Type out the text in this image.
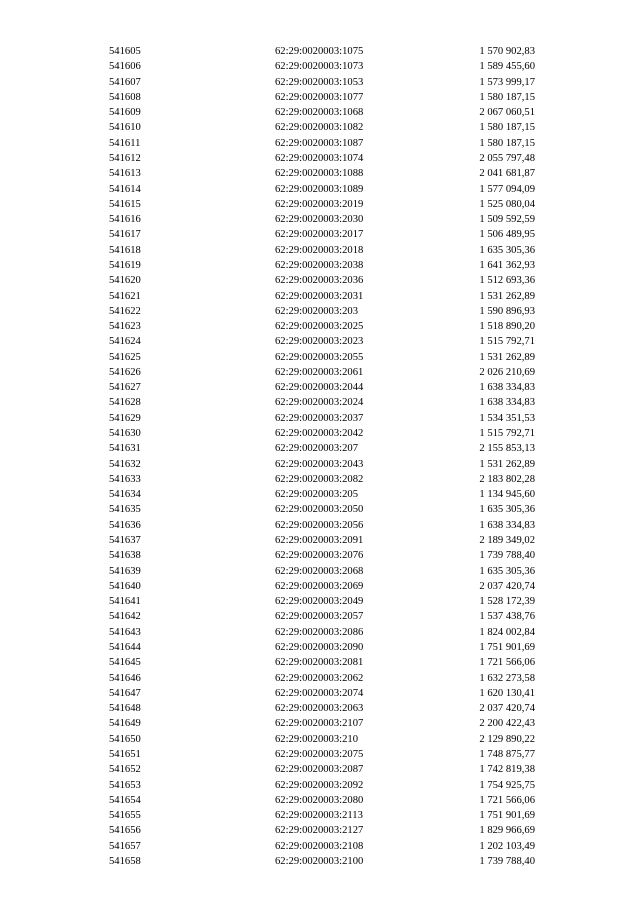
541605	62:29:0020003:1075	1 570 902,83
541606	62:29:0020003:1073	1 589 455,60
541607	62:29:0020003:1053	1 573 999,17
541608	62:29:0020003:1077	1 580 187,15
541609	62:29:0020003:1068	2 067 060,51
541610	62:29:0020003:1082	1 580 187,15
541611	62:29:0020003:1087	1 580 187,15
541612	62:29:0020003:1074	2 055 797,48
541613	62:29:0020003:1088	2 041 681,87
541614	62:29:0020003:1089	1 577 094,09
541615	62:29:0020003:2019	1 525 080,04
541616	62:29:0020003:2030	1 509 592,59
541617	62:29:0020003:2017	1 506 489,95
541618	62:29:0020003:2018	1 635 305,36
541619	62:29:0020003:2038	1 641 362,93
541620	62:29:0020003:2036	1 512 693,36
541621	62:29:0020003:2031	1 531 262,89
541622	62:29:0020003:203	1 590 896,93
541623	62:29:0020003:2025	1 518 890,20
541624	62:29:0020003:2023	1 515 792,71
541625	62:29:0020003:2055	1 531 262,89
541626	62:29:0020003:2061	2 026 210,69
541627	62:29:0020003:2044	1 638 334,83
541628	62:29:0020003:2024	1 638 334,83
541629	62:29:0020003:2037	1 534 351,53
541630	62:29:0020003:2042	1 515 792,71
541631	62:29:0020003:207	2 155 853,13
541632	62:29:0020003:2043	1 531 262,89
541633	62:29:0020003:2082	2 183 802,28
541634	62:29:0020003:205	1 134 945,60
541635	62:29:0020003:2050	1 635 305,36
541636	62:29:0020003:2056	1 638 334,83
541637	62:29:0020003:2091	2 189 349,02
541638	62:29:0020003:2076	1 739 788,40
541639	62:29:0020003:2068	1 635 305,36
541640	62:29:0020003:2069	2 037 420,74
541641	62:29:0020003:2049	1 528 172,39
541642	62:29:0020003:2057	1 537 438,76
541643	62:29:0020003:2086	1 824 002,84
541644	62:29:0020003:2090	1 751 901,69
541645	62:29:0020003:2081	1 721 566,06
541646	62:29:0020003:2062	1 632 273,58
541647	62:29:0020003:2074	1 620 130,41
541648	62:29:0020003:2063	2 037 420,74
541649	62:29:0020003:2107	2 200 422,43
541650	62:29:0020003:210	2 129 890,22
541651	62:29:0020003:2075	1 748 875,77
541652	62:29:0020003:2087	1 742 819,38
541653	62:29:0020003:2092	1 754 925,75
541654	62:29:0020003:2080	1 721 566,06
541655	62:29:0020003:2113	1 751 901,69
541656	62:29:0020003:2127	1 829 966,69
541657	62:29:0020003:2108	1 202 103,49
541658	62:29:0020003:2100	1 739 788,40
